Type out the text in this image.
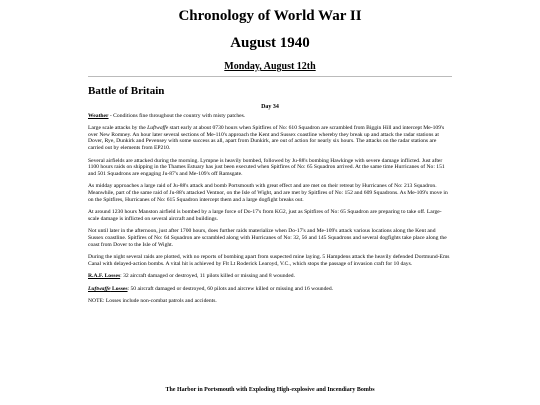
Chronology of World War II
August 1940
Monday, August 12th
Battle of Britain
Day 34

Weather - Conditions fine throughout the country with misty patches.

Large scale attacks by the Luftwaffe start early at about 0730 hours when Spitfires of No: 610 Squadron are scrambled from Biggin Hill and intercept Me-109's over New Romney. An hour later several sections of Me-110's approach the Kent and Sussex coastline whereby they break up and attack the radar stations at Dover, Rye, Dunkirk and Pevensey with some success as all, apart from Dunkirk, are out of action for nearly six hours. The attacks on the radar stations are carried out by elements from EP210.

Several airfields are attacked during the morning. Lympne is heavily bombed, followed by Ju-88's bombing Hawkinge with severe damage inflicted. Just after 1100 hours raids on shipping in the Thames Estuary has just been executed when Spitfires of No: 65 Squadron arrived. At the same time Hurricanes of No: 151 and 501 Squadrons are engaging Ju-87's and Me-109's off Ramsgate.

As midday approaches a large raid of Ju-88's attack and bomb Portsmouth with great effect and are met on their retreat by Hurricanes of No: 213 Squadron. Meanwhile, part of the same raid of Ju-88's attacked Ventnor, on the Isle of Wight, and are met by Spitfires of No: 152 and 609 Squadrons. As Me-109's move in on the Spitfires, Hurricanes of No: 615 Squadron intercept them and a large dogfight breaks out.

At around 1230 hours Manston airfield is bombed by a large force of Do-17's from KG2, just as Spitfires of No: 65 Squadron are preparing to take off. Large-scale damage is inflicted on several aircraft and buildings.

Not until later in the afternoon, just after 1700 hours, does further raids materialize when Do-17's and Me-109's attack various locations along the Kent and Sussex coastline. Spitfires of No: 64 Squadron are scrambled along with Hurricanes of No: 32, 56 and 145 Squadrons and several dogfights take place along the coast from Dover to the Isle of Wight.

During the night several raids are plotted, with no reports of bombing apart from suspected mine laying. 5 Hampdens attack the heavily defended Dortmund-Ems Canal with delayed-action bombs. A vital hit is achieved by Flt Lt Roderick Learoyd, V.C., which stops the passage of invasion craft for 10 days.

R.A.F. Losses: 32 aircraft damaged or destroyed, 11 pilots killed or missing and 8 wounded.

Luftwaffe Losses: 50 aircraft damaged or destroyed, 60 pilots and aircrew killed or missing and 16 wounded.

NOTE: Losses include non-combat patrols and accidents.

The Harbor in Portsmouth with Exploding High-explosive and Incendiary Bombs
